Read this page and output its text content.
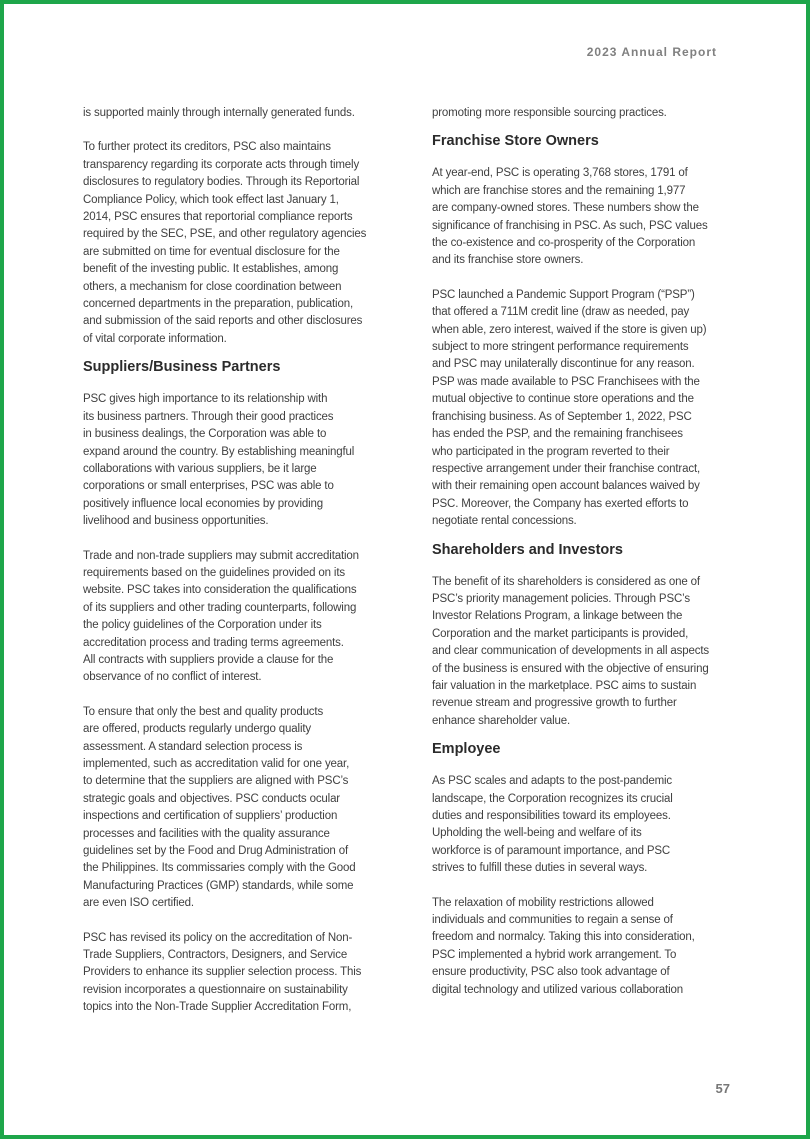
2023 Annual Report

is supported mainly through internally generated funds.

To further protect its creditors, PSC also maintains
transparency regarding its corporate acts through timely
disclosures to regulatory bodies. Through its Reportorial
Compliance Policy, which took effect last January 1,
2014, PSC ensures that reportorial compliance reports
required by the SEC, PSE, and other regulatory agencies
are submitted on time for eventual disclosure for the
benefit of the investing public. It establishes, among
others, a mechanism for close coordination between
concerned departments in the preparation, publication,
and submission of the said reports and other disclosures
of vital corporate information.

Suppliers/Business Partners

PSC gives high importance to its relationship with
its business partners. Through their good practices
in business dealings, the Corporation was able to
expand around the country. By establishing meaningful
collaborations with various suppliers, be it large
corporations or small enterprises, PSC was able to
positively influence local economies by providing
livelihood and business opportunities.

Trade and non-trade suppliers may submit accreditation
requirements based on the guidelines provided on its
website. PSC takes into consideration the qualifications
of its suppliers and other trading counterparts, following
the policy guidelines of the Corporation under its
accreditation process and trading terms agreements.
All contracts with suppliers provide a clause for the
observance of no conflict of interest.

To ensure that only the best and quality products
are offered, products regularly undergo quality
assessment. A standard selection process is
implemented, such as accreditation valid for one year,
to determine that the suppliers are aligned with PSC’s
strategic goals and objectives. PSC conducts ocular
inspections and certification of suppliers’ production
processes and facilities with the quality assurance
guidelines set by the Food and Drug Administration of
the Philippines. Its commissaries comply with the Good
Manufacturing Practices (GMP) standards, while some
are even ISO certified.

PSC has revised its policy on the accreditation of Non-
Trade Suppliers, Contractors, Designers, and Service
Providers to enhance its supplier selection process. This
revision incorporates a questionnaire on sustainability
topics into the Non-Trade Supplier Accreditation Form,

promoting more responsible sourcing practices.

Franchise Store Owners

At year-end, PSC is operating 3,768 stores, 1791 of
which are franchise stores and the remaining 1,977
are company-owned stores. These numbers show the
significance of franchising in PSC. As such, PSC values
the co-existence and co-prosperity of the Corporation
and its franchise store owners.

PSC launched a Pandemic Support Program (“PSP”)
that offered a 711M credit line (draw as needed, pay
when able, zero interest, waived if the store is given up)
subject to more stringent performance requirements
and PSC may unilaterally discontinue for any reason.
PSP was made available to PSC Franchisees with the
mutual objective to continue store operations and the
franchising business. As of September 1, 2022, PSC
has ended the PSP, and the remaining franchisees
who participated in the program reverted to their
respective arrangement under their franchise contract,
with their remaining open account balances waived by
PSC. Moreover, the Company has exerted efforts to
negotiate rental concessions.

Shareholders and Investors

The benefit of its shareholders is considered as one of
PSC’s priority management policies. Through PSC’s
Investor Relations Program, a linkage between the
Corporation and the market participants is provided,
and clear communication of developments in all aspects
of the business is ensured with the objective of ensuring
fair valuation in the marketplace. PSC aims to sustain
revenue stream and progressive growth to further
enhance shareholder value.

Employee

As PSC scales and adapts to the post-pandemic
landscape, the Corporation recognizes its crucial
duties and responsibilities toward its employees.
Upholding the well-being and welfare of its
workforce is of paramount importance, and PSC
strives to fulfill these duties in several ways.

The relaxation of mobility restrictions allowed
individuals and communities to regain a sense of
freedom and normalcy. Taking this into consideration,
PSC implemented a hybrid work arrangement. To
ensure productivity, PSC also took advantage of
digital technology and utilized various collaboration

57
